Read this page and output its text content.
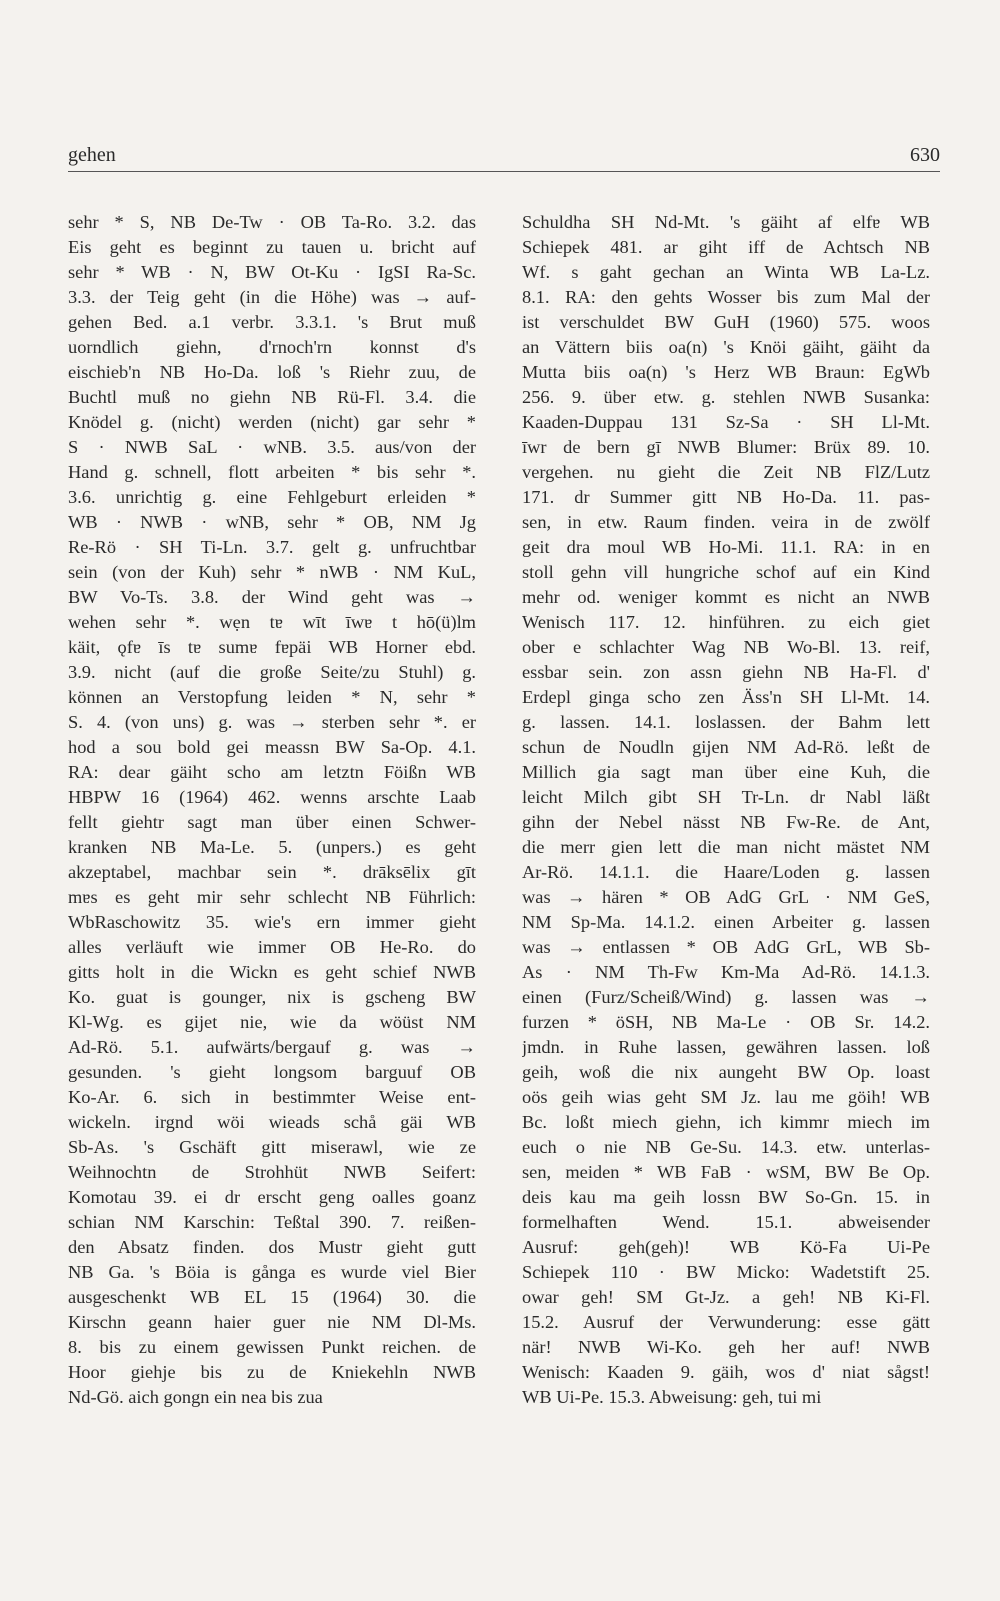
gehen	630
sehr * S, NB De-Tw · OB Ta-Ro. 3.2. das
Eis geht es beginnt zu tauen u. bricht auf
sehr * WB · N, BW Ot-Ku · IgSI Ra-Sc.
3.3. der Teig geht (in die Höhe) was → auf-
gehen Bed. a.1 verbr. 3.3.1. 's Brut muß
uorndlich giehn, d'rnoch'rn konnst d's
eischieb'n NB Ho-Da. loß 's Riehr zuu, de
Buchtl muß no giehn NB Rü-Fl. 3.4. die
Knödel g. (nicht) werden (nicht) gar sehr *
S · NWB SaL · wNB. 3.5. aus/von der
Hand g. schnell, flott arbeiten * bis sehr *.
3.6. unrichtig g. eine Fehlgeburt erleiden *
WB · NWB · wNB, sehr * OB, NM Jg
Re-Rö · SH Ti-Ln. 3.7. gelt g. unfruchtbar
sein (von der Kuh) sehr * nWB · NM KuL,
BW Vo-Ts. 3.8. der Wind geht was →
wehen sehr *. wẹn tɐ wīt īwɐ t hō(ü)lm
käit, ǫfɐ īs tɐ sumɐ fɐpäi WB Horner ebd.
3.9. nicht (auf die große Seite/zu Stuhl) g.
können an Verstopfung leiden * N, sehr *
S. 4. (von uns) g. was → sterben sehr *. er
hod a sou bold gei meassn BW Sa-Op. 4.1.
RA: dear gäiht scho am letztn Föißn WB
HBPW 16 (1964) 462. wenns arschte Laab
fellt giehtr sagt man über einen Schwer-
kranken NB Ma-Le. 5. (unpers.) es geht
akzeptabel, machbar sein *. drāksēlix gīt
mɐs es geht mir sehr schlecht NB Führlich:
WbRaschowitz 35. wie's ern immer gieht
alles verläuft wie immer OB He-Ro. do
gitts holt in die Wickn es geht schief NWB
Ko. guat is gounger, nix is gscheng BW
Kl-Wg. es gijet nie, wie da wöüst NM
Ad-Rö. 5.1. aufwärts/bergauf g. was →
gesunden. 's gieht longsom barguuf OB
Ko-Ar. 6. sich in bestimmter Weise ent-
wickeln. irgnd wöi wieads schå gäi WB
Sb-As. 's Gschäft gitt miserawl, wie ze
Weihnochtn de Strohhüt NWB Seifert:
Komotau 39. ei dr erscht geng oalles goanz
schian NM Karschin: Teßtal 390. 7. reißen-
den Absatz finden. dos Mustr gieht gutt
NB Ga. 's Böia is gånga es wurde viel Bier
ausgeschenkt WB EL 15 (1964) 30. die
Kirschn geann haier guer nie NM Dl-Ms.
8. bis zu einem gewissen Punkt reichen. de
Hoor giehje bis zu de Kniekehln NWB
Nd-Gö. aich gongn ein nea bis zua
Schuldha SH Nd-Mt. 's gäiht af elfɐ WB
Schiepek 481. ar giht iff de Achtsch NB
Wf. s gaht gechan an Winta WB La-Lz.
8.1. RA: den gehts Wosser bis zum Mal der
ist verschuldet BW GuH (1960) 575. woos
an Vättern biis oa(n) 's Knöi gäiht, gäiht da
Mutta biis oa(n) 's Herz WB Braun: EgWb
256. 9. über etw. g. stehlen NWB Susanka:
Kaaden-Duppau 131 Sz-Sa · SH Ll-Mt.
īwr de bern gī NWB Blumer: Brüx 89. 10.
vergehen. nu gieht die Zeit NB FlZ/Lutz
171. dr Summer gitt NB Ho-Da. 11. pas-
sen, in etw. Raum finden. veira in de zwölf
geit dra moul WB Ho-Mi. 11.1. RA: in en
stoll gehn vill hungriche schof auf ein Kind
mehr od. weniger kommt es nicht an NWB
Wenisch 117. 12. hinführen. zu eich giet
ober e schlachter Wag NB Wo-Bl. 13. reif,
essbar sein. zon assn giehn NB Ha-Fl. d'
Erdepl ginga scho zen Äss'n SH Ll-Mt. 14.
g. lassen. 14.1. loslassen. der Bahm lett
schun de Noudln gijen NM Ad-Rö. leßt de
Millich gia sagt man über eine Kuh, die
leicht Milch gibt SH Tr-Ln. dr Nabl läßt
gihn der Nebel nässt NB Fw-Re. de Ant,
die merr gien lett die man nicht mästet NM
Ar-Rö. 14.1.1. die Haare/Loden g. lassen
was → hären * OB AdG GrL · NM GeS,
NM Sp-Ma. 14.1.2. einen Arbeiter g. lassen
was → entlassen * OB AdG GrL, WB Sb-
As · NM Th-Fw Km-Ma Ad-Rö. 14.1.3.
einen (Furz/Scheiß/Wind) g. lassen was →
furzen * öSH, NB Ma-Le · OB Sr. 14.2.
jmdn. in Ruhe lassen, gewähren lassen. loß
geih, woß die nix aungeht BW Op. loast
oös geih wias geht SM Jz. lau me göih! WB
Bc. loßt miech giehn, ich kimmr miech im
euch o nie NB Ge-Su. 14.3. etw. unterlas-
sen, meiden * WB FaB · wSM, BW Be Op.
deis kau ma geih lossn BW So-Gn. 15. in
formelhaften Wend. 15.1. abweisender
Ausruf: geh(geh)! WB Kö-Fa Ui-Pe
Schiepek 110 · BW Micko: Wadetstift 25.
owar geh! SM Gt-Jz. a geh! NB Ki-Fl.
15.2. Ausruf der Verwunderung: esse gätt
när! NWB Wi-Ko. geh her auf! NWB
Wenisch: Kaaden 9. gäih, wos d' niat sågst!
WB Ui-Pe. 15.3. Abweisung: geh, tui mi
